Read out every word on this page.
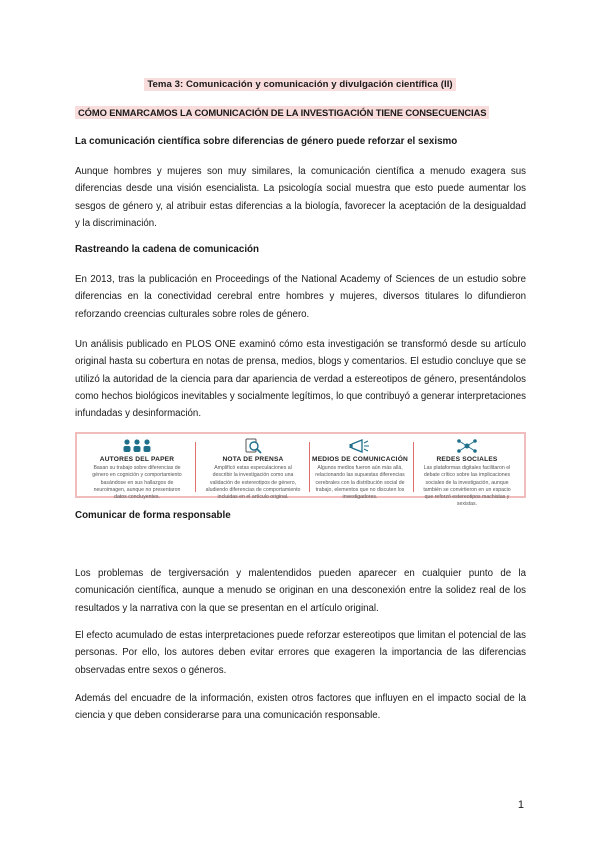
Tema 3: Comunicación y comunicación y divulgación científica (II)
CÓMO ENMARCAMOS LA COMUNICACIÓN DE LA INVESTIGACIÓN TIENE CONSECUENCIAS
La comunicación científica sobre diferencias de género puede reforzar el sexismo

Aunque hombres y mujeres son muy similares, la comunicación científica a menudo exagera sus diferencias desde una visión esencialista. La psicología social muestra que esto puede aumentar los sesgos de género y, al atribuir estas diferencias a la biología, favorecer la aceptación de la desigualdad y la discriminación.

Rastreando la cadena de comunicación

En 2013, tras la publicación en Proceedings of the National Academy of Sciences de un estudio sobre diferencias en la conectividad cerebral entre hombres y mujeres, diversos titulares lo difundieron reforzando creencias culturales sobre roles de género.

Un análisis publicado en PLOS ONE examinó cómo esta investigación se transformó desde su artículo original hasta su cobertura en notas de prensa, medios, blogs y comentarios. El estudio concluye que se utilizó la autoridad de la ciencia para dar apariencia de verdad a estereotipos de género, presentándolos como hechos biológicos inevitables y socialmente legítimos, lo que contribuyó a generar interpretaciones infundadas y desinformación.

AUTORES DEL PAPER
Basan su trabajo sobre diferencias de género en cognición y comportamiento basándose en sus hallazgos de neuroimagen, aunque no presentaron datos concluyentes.
NOTA DE PRENSA
Amplificó estas especulaciones al describir la investigación como una validación de estereotipos de género, aludiendo diferencias de comportamiento incluidas en el artículo original.
MEDIOS DE COMUNICACIÓN
Algunos medios fueron aún más allá, relacionando las supuestas diferencias cerebrales con la distribución social de trabajo, elementos que no discuten los investigadores.
REDES SOCIALES
Las plataformas digitales facilitaron el debate crítico sobre las implicaciones sociales de la investigación, aunque también se convirtieron en un espacio que reforzó estereotipos machistas y sexistas.
Comunicar de forma responsable

Los problemas de tergiversación y malentendidos pueden aparecer en cualquier punto de la comunicación científica, aunque a menudo se originan en una desconexión entre la solidez real de los resultados y la narrativa con la que se presentan en el artículo original.

El efecto acumulado de estas interpretaciones puede reforzar estereotipos que limitan el potencial de las personas. Por ello, los autores deben evitar errores que exageren la importancia de las diferencias observadas entre sexos o géneros.

Además del encuadre de la información, existen otros factores que influyen en el impacto social de la ciencia y que deben considerarse para una comunicación responsable.

1
